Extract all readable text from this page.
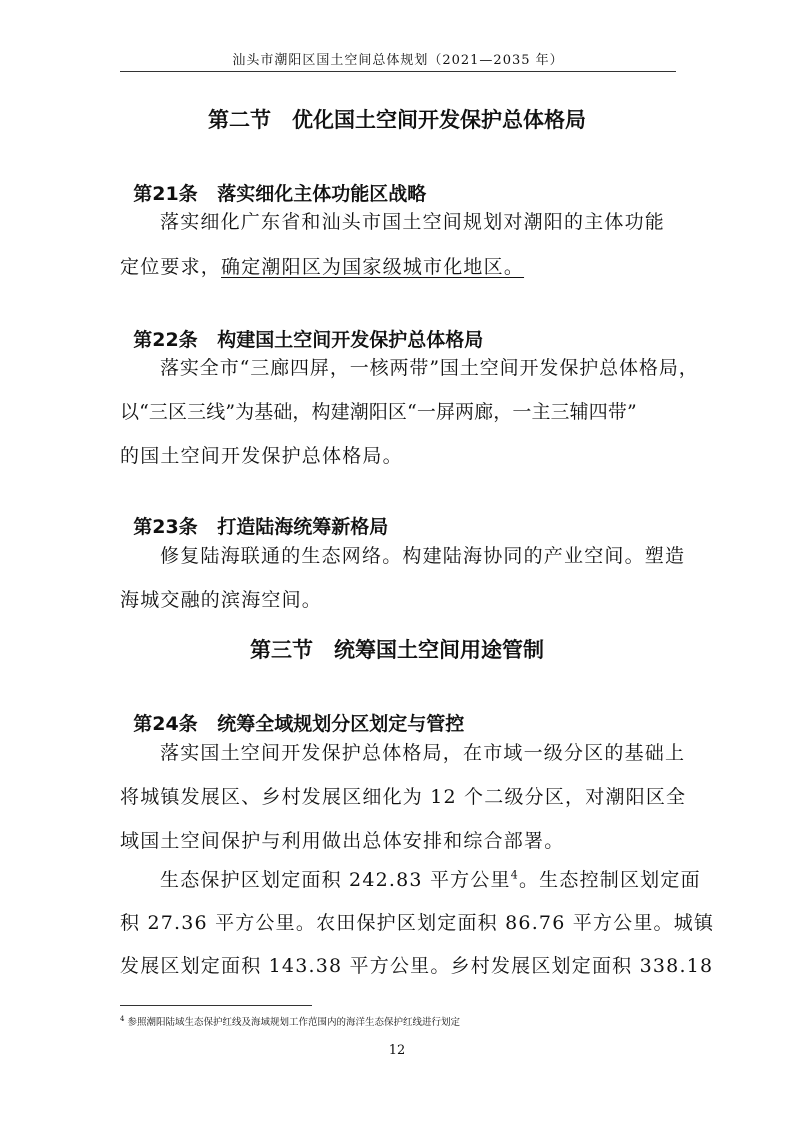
汕头市潮阳区国土空间总体规划（2021—2035 年）
第二节　优化国土空间开发保护总体格局

第21条 落实细化主体功能区战略

落实细化广东省和汕头市国土空间规划对潮阳的主体功能
定位要求，确定潮阳区为国家级城市化地区。

第22条 构建国土空间开发保护总体格局

落实全市“三廊四屏，一核两带”国土空间开发保护总体格局，
以“三区三线”为基础，构建潮阳区“一屏两廊，一主三辅四带”
的国土空间开发保护总体格局。

第23条 打造陆海统筹新格局

修复陆海联通的生态网络。构建陆海协同的产业空间。塑造
海城交融的滨海空间。
第三节　统筹国土空间用途管制

第24条 统筹全域规划分区划定与管控

落实国土空间开发保护总体格局，在市域一级分区的基础上
将城镇发展区、乡村发展区细化为 12 个二级分区，对潮阳区全
域国土空间保护与利用做出总体安排和综合部署。
生态保护区划定面积 242.83 平方公里$^4$。生态控制区划定面
积 27.36 平方公里。农田保护区划定面积 86.76 平方公里。城镇
发展区划定面积 143.38 平方公里。乡村发展区划定面积 338.18
$^4$ 参照潮阳陆域生态保护红线及海域规划工作范围内的海洋生态保护红线进行划定
12
